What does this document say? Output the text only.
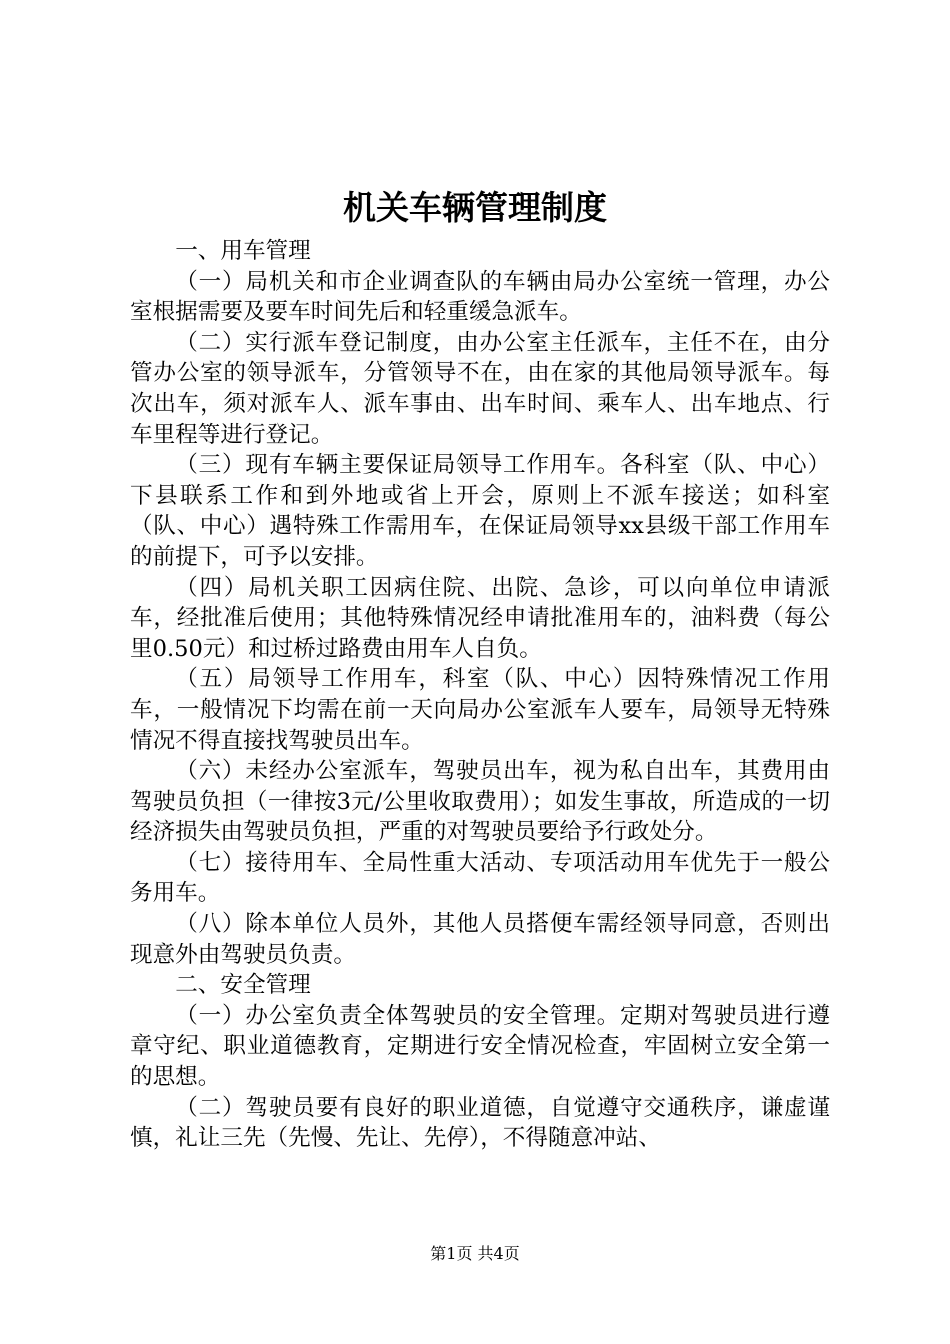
机关车辆管理制度

一、用车管理

（一）局机关和市企业调查队的车辆由局办公室统一管理，办公室根据需要及要车时间先后和轻重缓急派车。

（二）实行派车登记制度，由办公室主任派车，主任不在，由分管办公室的领导派车，分管领导不在，由在家的其他局领导派车。每次出车，须对派车人、派车事由、出车时间、乘车人、出车地点、行车里程等进行登记。

（三）现有车辆主要保证局领导工作用车。各科室（队、中心）下县联系工作和到外地或省上开会，原则上不派车接送；如科室（队、中心）遇特殊工作需用车，在保证局领导xx县级干部工作用车的前提下，可予以安排。

（四）局机关职工因病住院、出院、急诊，可以向单位申请派车，经批准后使用；其他特殊情况经申请批准用车的，油料费（每公里0.50元）和过桥过路费由用车人自负。

（五）局领导工作用车，科室（队、中心）因特殊情况工作用车，一般情况下均需在前一天向局办公室派车人要车，局领导无特殊情况不得直接找驾驶员出车。

（六）未经办公室派车，驾驶员出车，视为私自出车，其费用由驾驶员负担（一律按3元/公里收取费用）；如发生事故，所造成的一切经济损失由驾驶员负担，严重的对驾驶员要给予行政处分。

（七）接待用车、全局性重大活动、专项活动用车优先于一般公务用车。

（八）除本单位人员外，其他人员搭便车需经领导同意，否则出现意外由驾驶员负责。

二、安全管理

（一）办公室负责全体驾驶员的安全管理。定期对驾驶员进行遵章守纪、职业道德教育，定期进行安全情况检查，牢固树立安全第一的思想。

（二）驾驶员要有良好的职业道德，自觉遵守交通秩序，谦虚谨慎，礼让三先（先慢、先让、先停），不得随意冲站、

第1页 共4页
